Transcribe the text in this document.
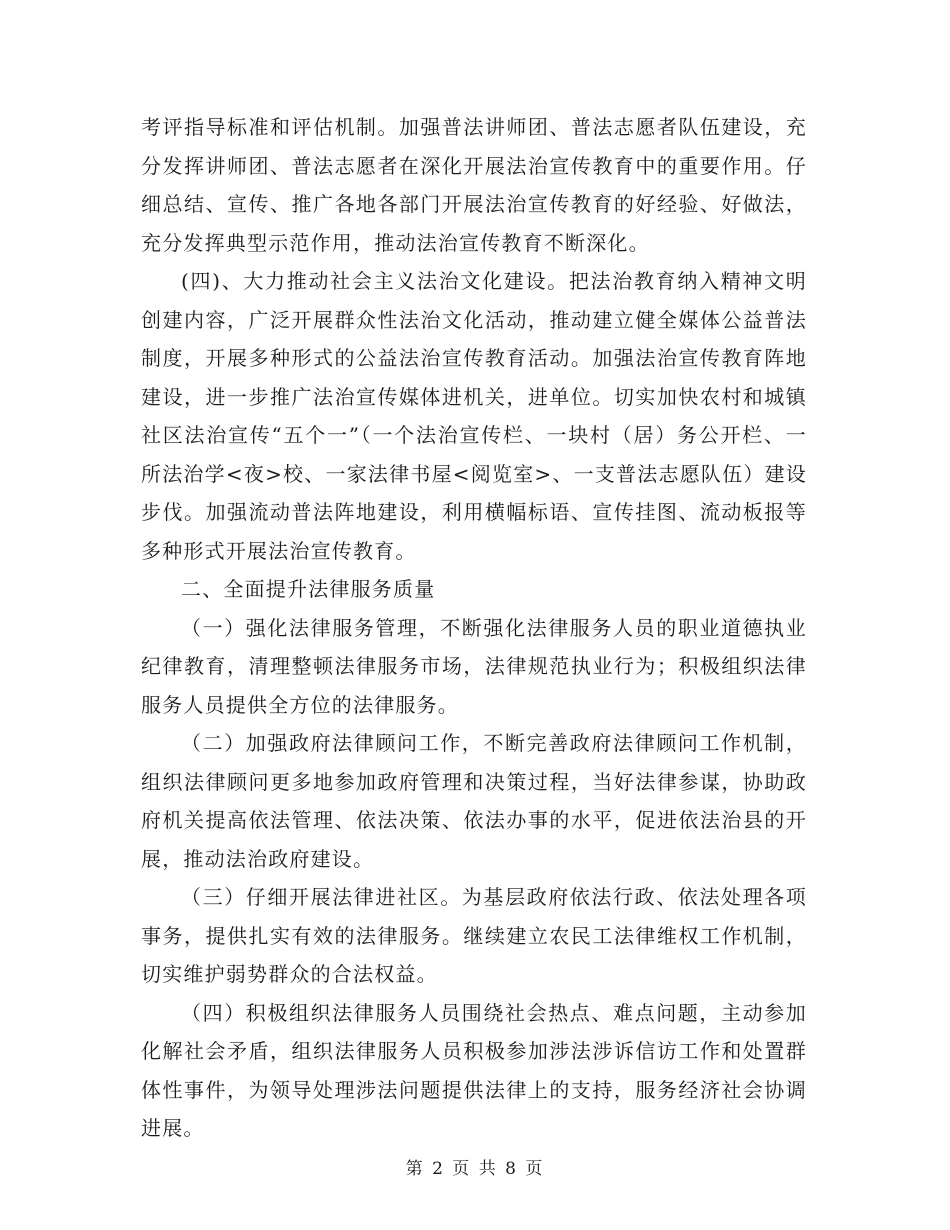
考评指导标准和评估机制。加强普法讲师团、普法志愿者队伍建设，充分发挥讲师团、普法志愿者在深化开展法治宣传教育中的重要作用。仔细总结、宣传、推广各地各部门开展法治宣传教育的好经验、好做法，充分发挥典型示范作用，推动法治宣传教育不断深化。

(四)、大力推动社会主义法治文化建设。把法治教育纳入精神文明创建内容，广泛开展群众性法治文化活动，推动建立健全媒体公益普法制度，开展多种形式的公益法治宣传教育活动。加强法治宣传教育阵地建设，进一步推广法治宣传媒体进机关，进单位。切实加快农村和城镇社区法治宣传“五个一”（一个法治宣传栏、一块村（居）务公开栏、一所法治学<夜>校、一家法律书屋<阅览室>、一支普法志愿队伍）建设步伐。加强流动普法阵地建设，利用横幅标语、宣传挂图、流动板报等多种形式开展法治宣传教育。

二、全面提升法律服务质量

（一）强化法律服务管理，不断强化法律服务人员的职业道德执业纪律教育，清理整顿法律服务市场，法律规范执业行为；积极组织法律服务人员提供全方位的法律服务。

（二）加强政府法律顾问工作，不断完善政府法律顾问工作机制，组织法律顾问更多地参加政府管理和决策过程，当好法律参谋，协助政府机关提高依法管理、依法决策、依法办事的水平，促进依法治县的开展，推动法治政府建设。

（三）仔细开展法律进社区。为基层政府依法行政、依法处理各项事务，提供扎实有效的法律服务。继续建立农民工法律维权工作机制，切实维护弱势群众的合法权益。

（四）积极组织法律服务人员围绕社会热点、难点问题，主动参加化解社会矛盾，组织法律服务人员积极参加涉法涉诉信访工作和处置群体性事件，为领导处理涉法问题提供法律上的支持，服务经济社会协调进展。

第 2 页 共 8 页
